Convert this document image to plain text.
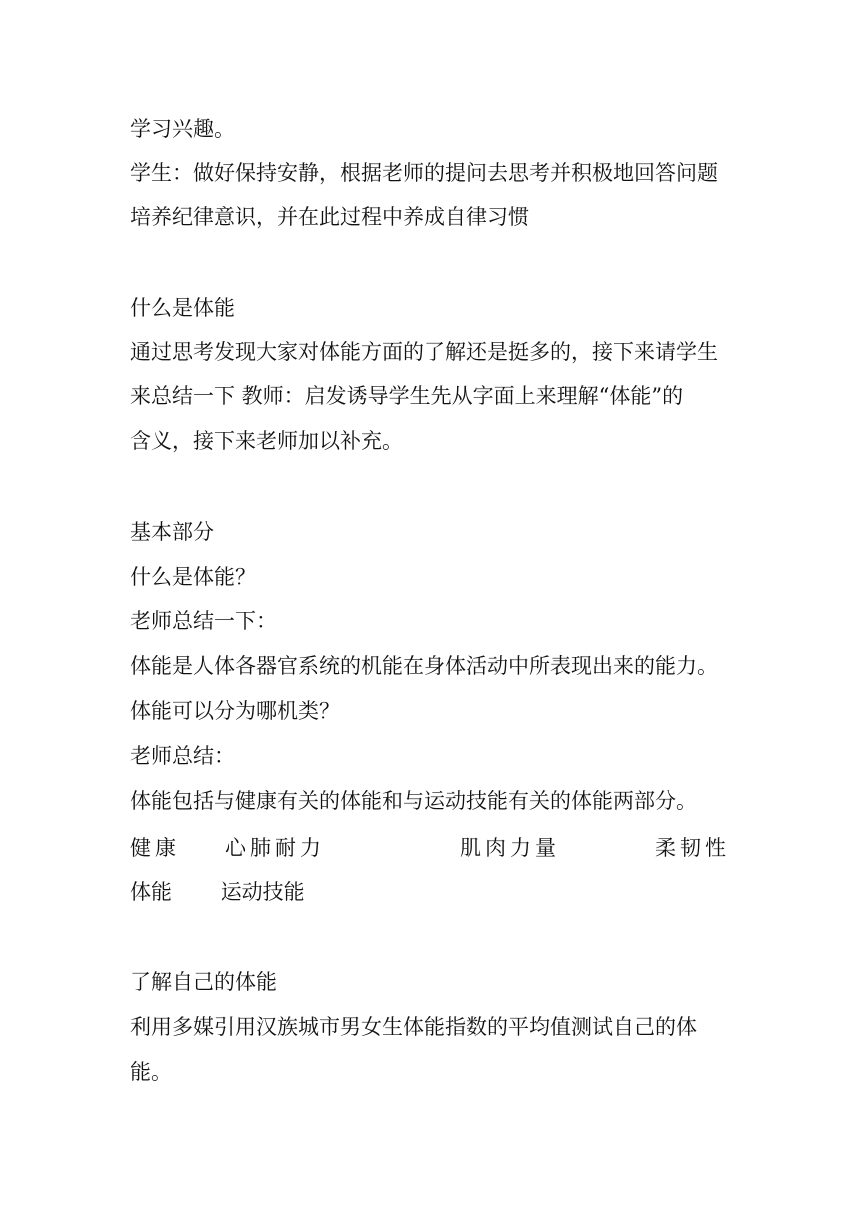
学习兴趣。
学生：做好保持安静，根据老师的提问去思考并积极地回答问题
培养纪律意识，并在此过程中养成自律习惯
什么是体能
通过思考发现大家对体能方面的了解还是挺多的，接下来请学生
来总结一下 教师：启发诱导学生先从字面上来理解“体能”的
含义，接下来老师加以补充。
基本部分
什么是体能？
老师总结一下：
体能是人体各器官系统的机能在身体活动中所表现出来的能力。
体能可以分为哪机类？
老师总结：
体能包括与健康有关的体能和与运动技能有关的体能两部分。
健康 心肺耐力	肌肉力量	柔韧性
体能 运动技能
了解自己的体能
利用多媒引用汉族城市男女生体能指数的平均值测试自己的体
能。
